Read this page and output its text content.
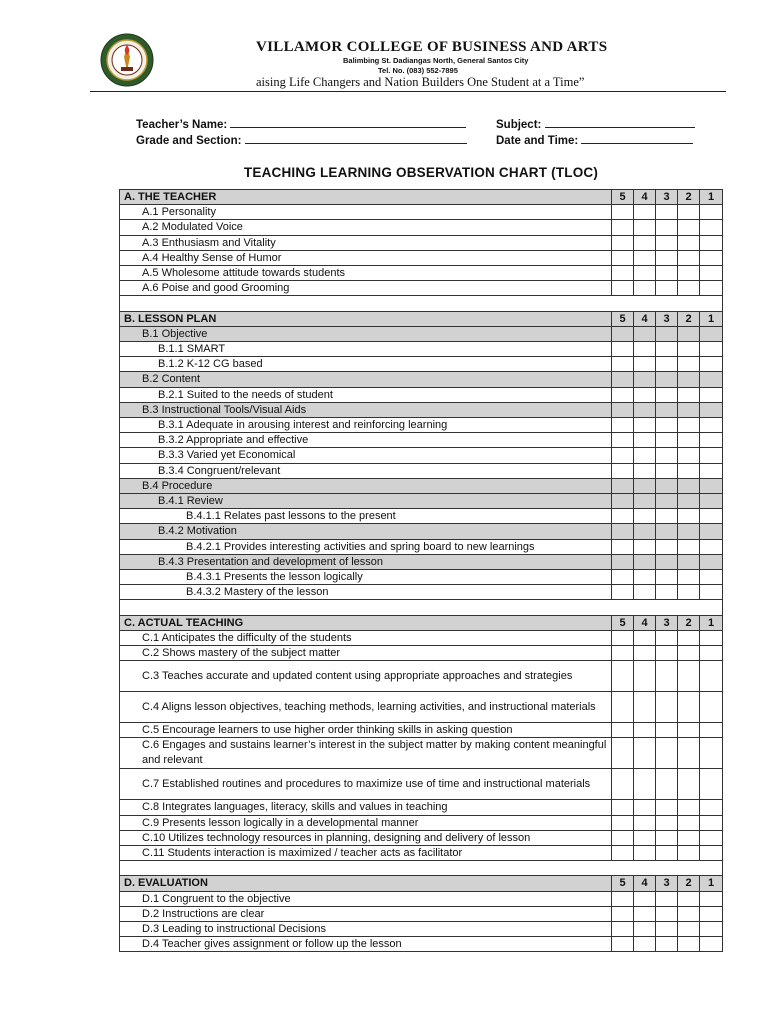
VILLAMOR COLLEGE OF BUSINESS AND ARTS
Balimbing St. Dadiangas North, General Santos City
Tel. No. (083) 552-7895
aising Life Changers and Nation Builders One Student at a Time”
Teacher’s Name:
Grade and Section:
Subject:
Date and Time:
TEACHING LEARNING OBSERVATION CHART (TLOC)
A. THE TEACHER	5	4	3	2	1
A.1 Personality					
A.2 Modulated Voice					
A.3 Enthusiasm and Vitality					
A.4 Healthy Sense of Humor					
A.5 Wholesome attitude towards students					
A.6 Poise and good Grooming					

B. LESSON PLAN	5	4	3	2	1
B.1 Objective					
B.1.1 SMART					
B.1.2 K-12 CG based					
B.2 Content					
B.2.1 Suited to the needs of student					
B.3 Instructional Tools/Visual Aids					
B.3.1 Adequate in arousing interest and reinforcing learning					
B.3.2 Appropriate and effective					
B.3.3 Varied yet Economical					
B.3.4 Congruent/relevant					
B.4 Procedure					
B.4.1 Review					
B.4.1.1 Relates past lessons to the present					
B.4.2 Motivation					
B.4.2.1 Provides interesting activities and spring board to new learnings					
B.4.3 Presentation and development of lesson					
B.4.3.1 Presents the lesson logically					
B.4.3.2 Mastery of the lesson					

C. ACTUAL TEACHING	5	4	3	2	1
C.1 Anticipates the difficulty of the students					
C.2 Shows mastery of the subject matter					
C.3 Teaches accurate and updated content using appropriate approaches and strategies					
C.4 Aligns lesson objectives, teaching methods, learning activities, and instructional materials					
C.5 Encourage learners to use higher order thinking skills in asking question					
C.6 Engages and sustains learner’s interest in the subject matter by making content meaningful and relevant					
C.7 Established routines and procedures to maximize use of time and instructional materials					
C.8 Integrates languages, literacy, skills and values in teaching					
C.9 Presents lesson logically in a developmental manner					
C.10 Utilizes technology resources in planning, designing and delivery of lesson					
C.11 Students interaction is maximized / teacher acts as facilitator					

D. EVALUATION	5	4	3	2	1
D.1 Congruent to the objective					
D.2 Instructions are clear					
D.3 Leading to instructional Decisions					
D.4 Teacher gives assignment or follow up the lesson					
